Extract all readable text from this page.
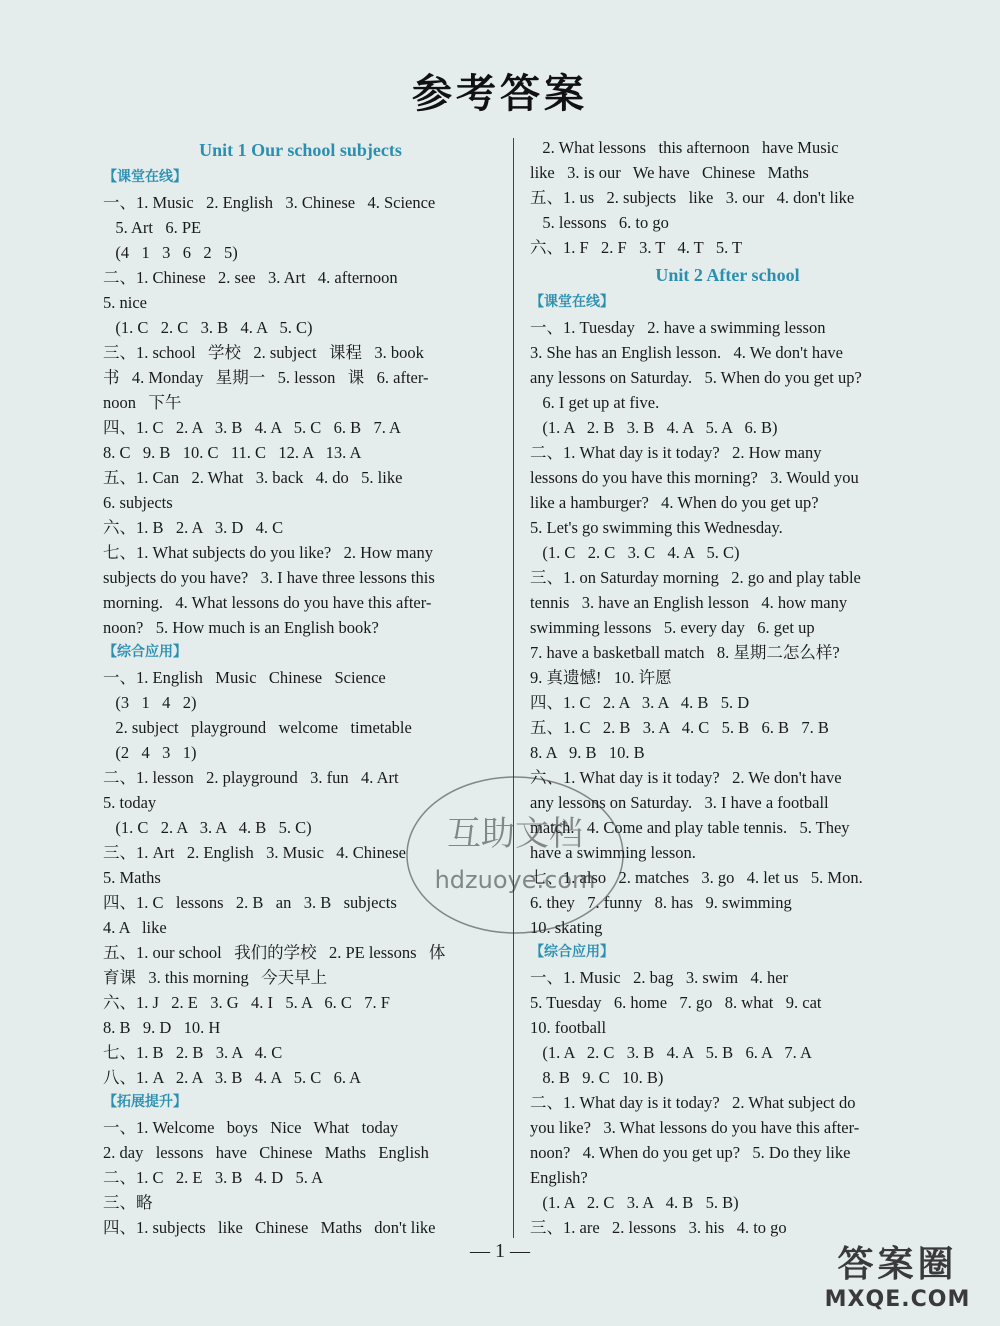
参考答案
Unit 1 Our school subjects
【课堂在线】
一、1. Music   2. English   3. Chinese   4. Science
5. Art   6. PE
(4   1   3   6   2   5)
二、1. Chinese   2. see   3. Art   4. afternoon
5. nice
(1. C   2. C   3. B   4. A   5. C)
三、1. school   学校   2. subject   课程   3. book
书   4. Monday   星期一   5. lesson   课   6. after-
noon   下午
四、1. C   2. A   3. B   4. A   5. C   6. B   7. A
8. C   9. B   10. C   11. C   12. A   13. A
五、1. Can   2. What   3. back   4. do   5. like
6. subjects
六、1. B   2. A   3. D   4. C
七、1. What subjects do you like?   2. How many
subjects do you have?   3. I have three lessons this
morning.   4. What lessons do you have this after-
noon?   5. How much is an English book?
【综合应用】
一、1. English   Music   Chinese   Science
(3   1   4   2)
2. subject   playground   welcome   timetable
(2   4   3   1)
二、1. lesson   2. playground   3. fun   4. Art
5. today
(1. C   2. A   3. A   4. B   5. C)
三、1. Art   2. English   3. Music   4. Chinese
5. Maths
四、1. C   lessons   2. B   an   3. B   subjects
4. A   like
五、1. our school   我们的学校   2. PE lessons   体
育课   3. this morning   今天早上
六、1. J   2. E   3. G   4. I   5. A   6. C   7. F
8. B   9. D   10. H
七、1. B   2. B   3. A   4. C
八、1. A   2. A   3. B   4. A   5. C   6. A
【拓展提升】
一、1. Welcome   boys   Nice   What   today
2. day   lessons   have   Chinese   Maths   English
二、1. C   2. E   3. B   4. D   5. A
三、略
四、1. subjects   like   Chinese   Maths   don't like
2. What lessons   this afternoon   have Music
like   3. is our   We have   Chinese   Maths
五、1. us   2. subjects   like   3. our   4. don't like
5. lessons   6. to go
六、1. F   2. F   3. T   4. T   5. T
Unit 2 After school
【课堂在线】
一、1. Tuesday   2. have a swimming lesson
3. She has an English lesson.   4. We don't have
any lessons on Saturday.   5. When do you get up?
6. I get up at five.
(1. A   2. B   3. B   4. A   5. A   6. B)
二、1. What day is it today?   2. How many
lessons do you have this morning?   3. Would you
like a hamburger?   4. When do you get up?
5. Let's go swimming this Wednesday.
(1. C   2. C   3. C   4. A   5. C)
三、1. on Saturday morning   2. go and play table
tennis   3. have an English lesson   4. how many
swimming lessons   5. every day   6. get up
7. have a basketball match   8. 星期二怎么样?
9. 真遗憾!   10. 许愿
四、1. C   2. A   3. A   4. B   5. D
五、1. C   2. B   3. A   4. C   5. B   6. B   7. B
8. A   9. B   10. B
六、1. What day is it today?   2. We don't have
any lessons on Saturday.   3. I have a football
match.   4. Come and play table tennis.   5. They
have a swimming lesson.
七、1. also   2. matches   3. go   4. let us   5. Mon.
6. they   7. funny   8. has   9. swimming
10. skating
【综合应用】
一、1. Music   2. bag   3. swim   4. her
5. Tuesday   6. home   7. go   8. what   9. cat
10. football
(1. A   2. C   3. B   4. A   5. B   6. A   7. A
8. B   9. C   10. B)
二、1. What day is it today?   2. What subject do
you like?   3. What lessons do you have this after-
noon?   4. When do you get up?   5. Do they like
English?
(1. A   2. C   3. A   4. B   5. B)
三、1. are   2. lessons   3. his   4. to go
— 1 —
互助文档
hdzuoye.com
答案圈
MXQE.COM
